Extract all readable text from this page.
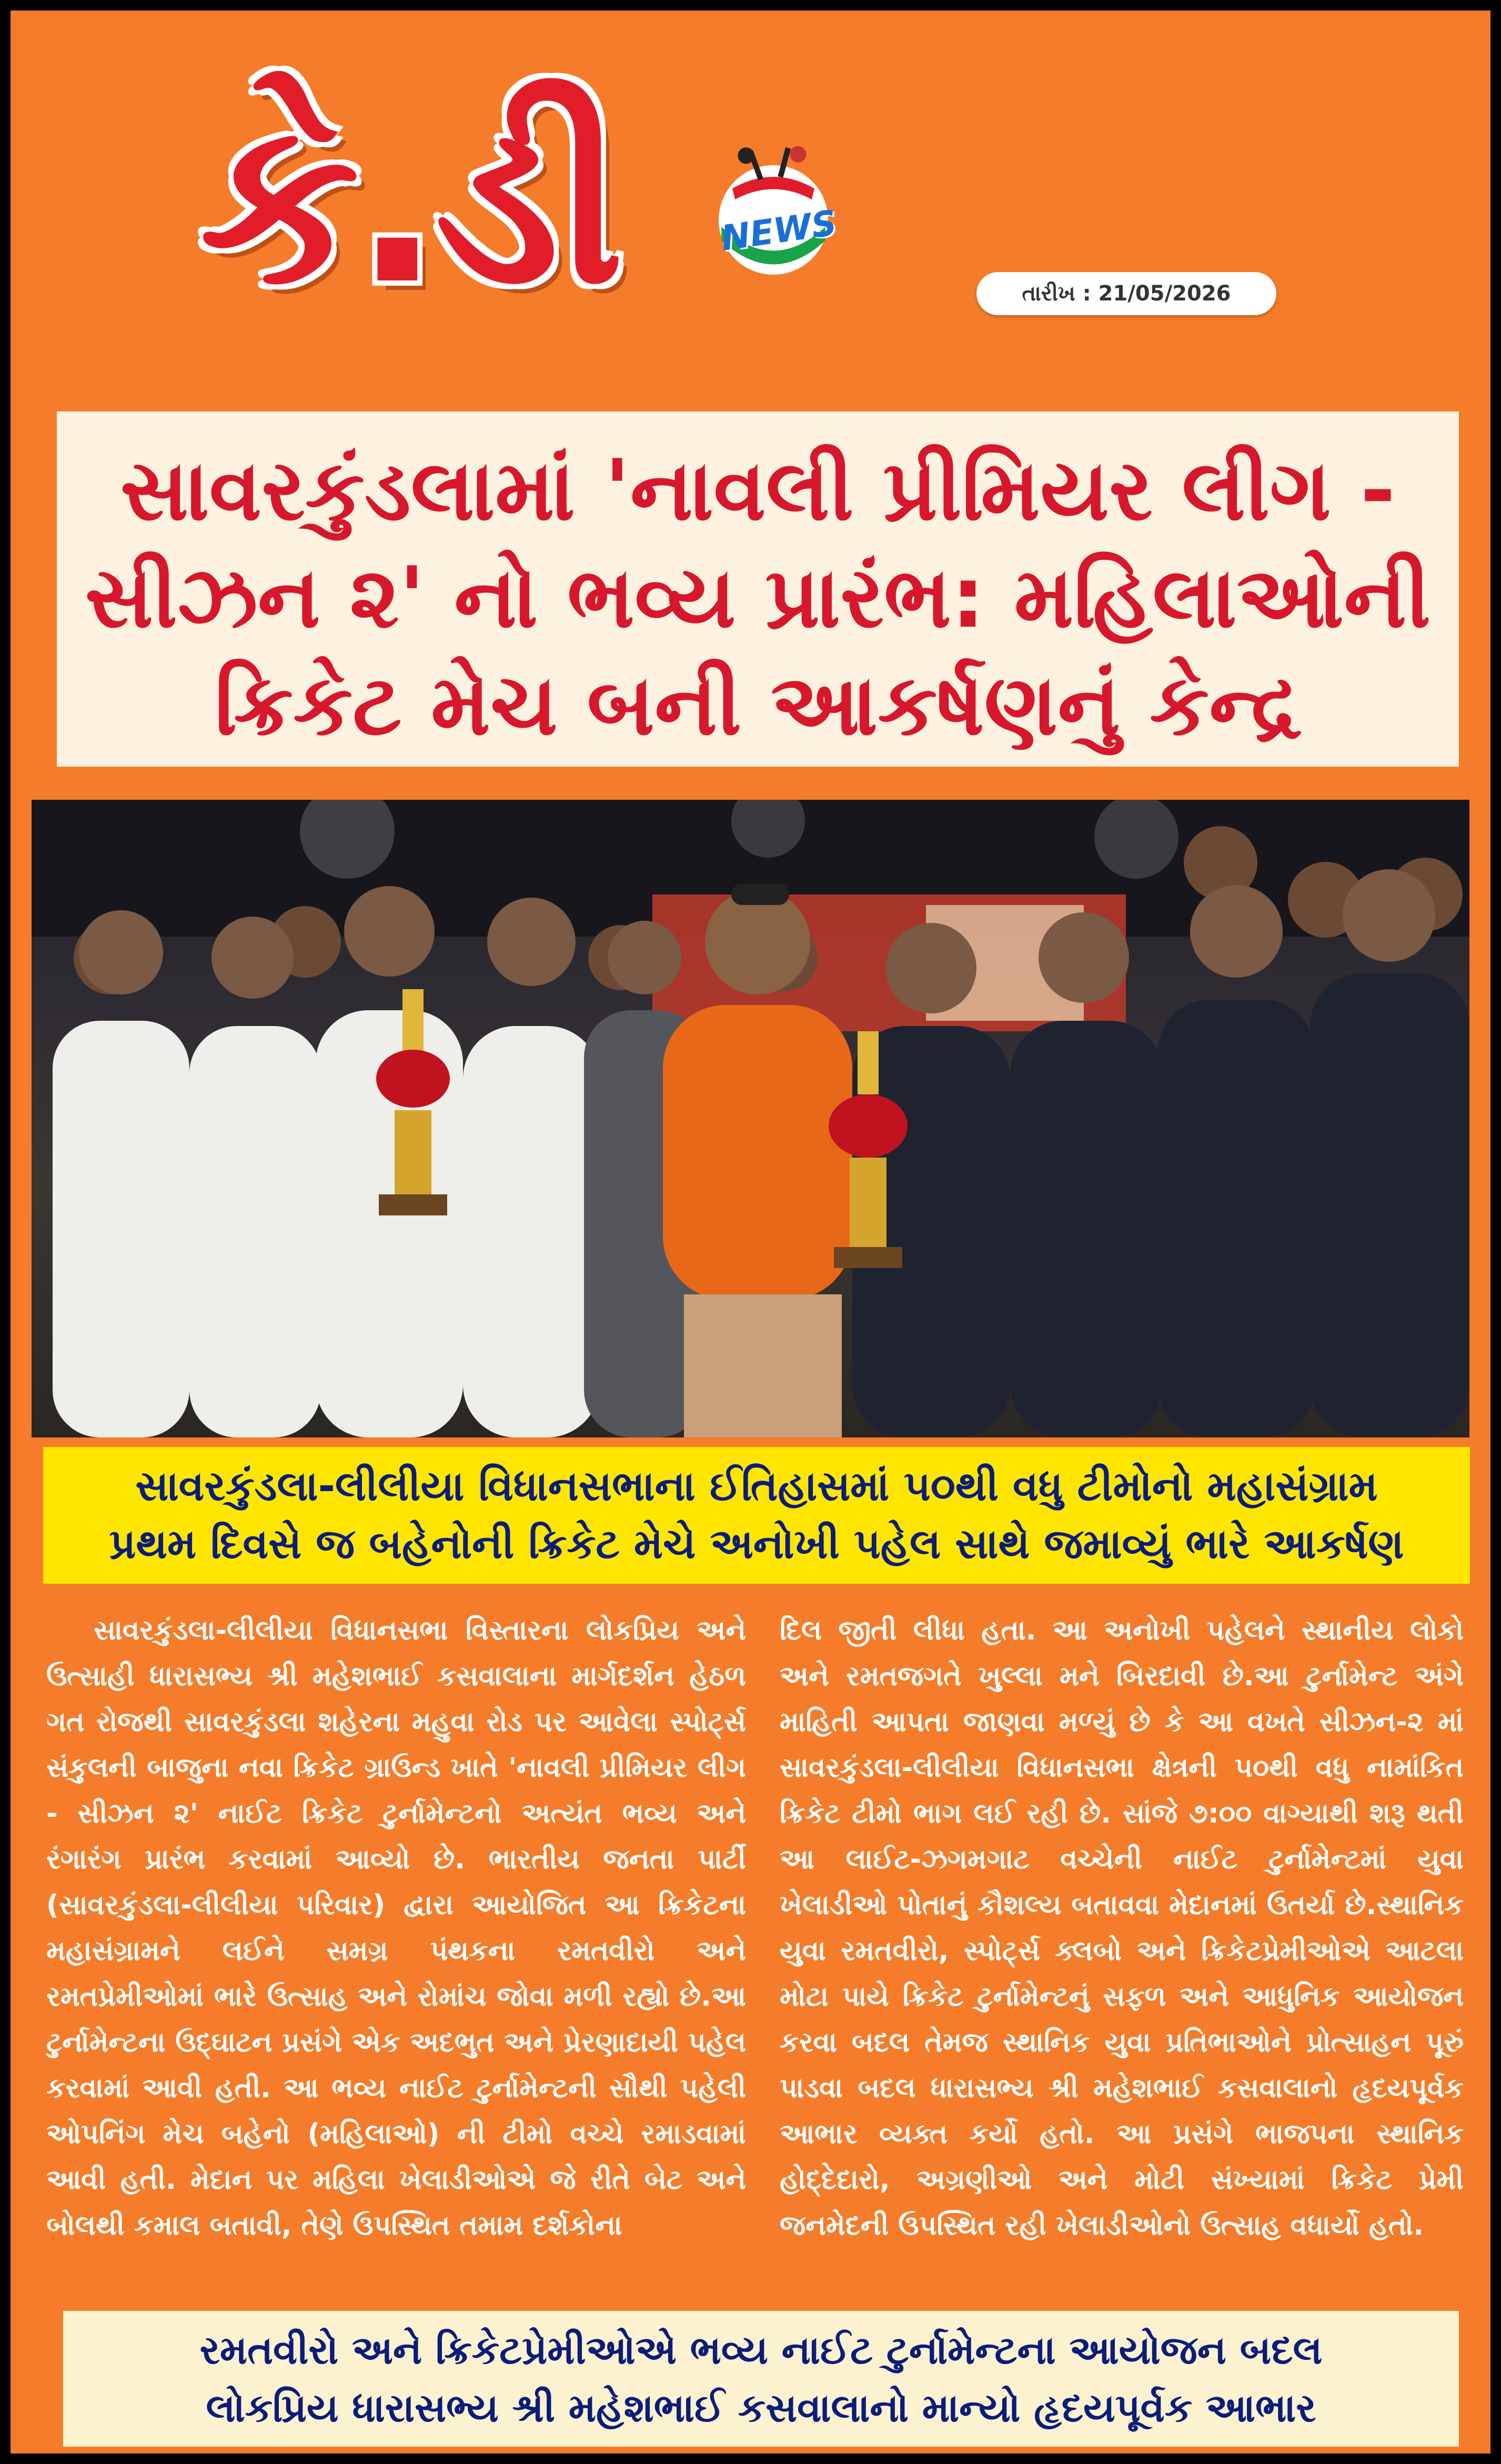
કે.ડી	NEWS
તારીખ : 21/05/2026
સાવરકુંડલામાં 'નાવલી પ્રીમિયર લીગ -
સીઝન ૨' નો ભવ્ય પ્રારંભ: મહિલાઓની
ક્રિકેટ મેચ બની આકર્ષણનું કેન્દ્ર
સાવરકુંડલા-લીલીયા વિધાનસભાના ઈતિહાસમાં ૫૦થી વધુ ટીમોનો મહાસંગ્રામ
પ્રથમ દિવસે જ બહેનોની ક્રિકેટ મેચે અનોખી પહેલ સાથે જમાવ્યું ભારે આકર્ષણ

સાવરકુંડલા-લીલીયા વિધાનસભા વિસ્તારના લોકપ્રિય અને ઉત્સાહી ધારાસભ્ય શ્રી મહેશભાઈ કસવાલાના માર્ગદર્શન હેઠળ ગત રોજથી સાવરકુંડલા શહેરના મહુવા રોડ પર આવેલા સ્પોર્ટ્સ સંકુલની બાજુના નવા ક્રિકેટ ગ્રાઉન્ડ ખાતે 'નાવલી પ્રીમિયર લીગ - સીઝન ૨' નાઈટ ક્રિકેટ ટુર્નામેન્ટનો અત્યંત ભવ્ય અને રંગારંગ પ્રારંભ કરવામાં આવ્યો છે. ભારતીય જનતા પાર્ટી (સાવરકુંડલા-લીલીયા પરિવાર) દ્વારા આયોજિત આ ક્રિકેટના મહાસંગ્રામને લઈને સમગ્ર પંથકના રમતવીરો અને રમતપ્રેમીઓમાં ભારે ઉત્સાહ અને રોમાંચ જોવા મળી રહ્યો છે.આ ટુર્નામેન્ટના ઉદ્ઘાટન પ્રસંગે એક અદભુત અને પ્રેરણાદાયી પહેલ કરવામાં આવી હતી. આ ભવ્ય નાઈટ ટુર્નામેન્ટની સૌથી પહેલી ઓપનિંગ મેચ બહેનો (મહિલાઓ) ની ટીમો વચ્ચે રમાડવામાં આવી હતી. મેદાન પર મહિલા ખેલાડીઓએ જે રીતે બેટ અને બોલથી કમાલ બતાવી, તેણે ઉપસ્થિત તમામ દર્શકોના

દિલ જીતી લીધા હતા. આ અનોખી પહેલને સ્થાનીય લોકો અને રમતજગતે ખુલ્લા મને બિરદાવી છે.આ ટુર્નામેન્ટ અંગે માહિતી આપતા જાણવા મળ્યું છે કે આ વખતે સીઝન-૨ માં સાવરકુંડલા-લીલીયા વિધાનસભા ક્ષેત્રની ૫૦થી વધુ નામાંકિત ક્રિકેટ ટીમો ભાગ લઈ રહી છે. સાંજે ૭:૦૦ વાગ્યાથી શરૂ થતી આ લાઈટ-ઝગમગાટ વચ્ચેની નાઈટ ટુર્નામેન્ટમાં યુવા ખેલાડીઓ પોતાનું કૌશલ્ય બતાવવા મેદાનમાં ઉતર્યા છે.સ્થાનિક યુવા રમતવીરો, સ્પોર્ટ્સ ક્લબો અને ક્રિકેટપ્રેમીઓએ આટલા મોટા પાયે ક્રિકેટ ટુર્નામેન્ટનું સફળ અને આધુનિક આયોજન કરવા બદલ તેમજ સ્થાનિક યુવા પ્રતિભાઓને પ્રોત્સાહન પૂરું પાડવા બદલ ધારાસભ્ય શ્રી મહેશભાઈ કસવાલાનો હૃદયપૂર્વક આભાર વ્યક્ત કર્યો હતો. આ પ્રસંગે ભાજપના સ્થાનિક હોદ્દેદારો, અગ્રણીઓ અને મોટી સંખ્યામાં ક્રિકેટ પ્રેમી જનમેદની ઉપસ્થિત રહી ખેલાડીઓનો ઉત્સાહ વધાર્યો હતો.

રમતવીરો અને ક્રિકેટપ્રેમીઓએ ભવ્ય નાઈટ ટુર્નામેન્ટના આયોજન બદલ
લોકપ્રિય ધારાસભ્ય શ્રી મહેશભાઈ કસવાલાનો માન્યો હૃદયપૂર્વક આભાર
